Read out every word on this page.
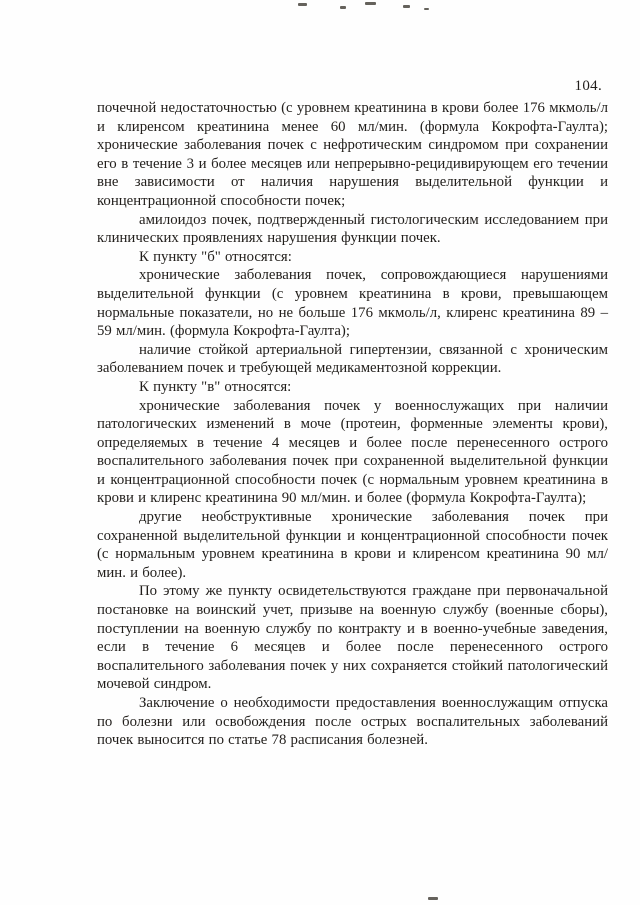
104.

почечной недостаточностью (с уровнем креатинина в крови более 176 мкмоль/л и клиренсом креатинина менее 60 мл/мин. (формула Кокрофта-Гаулта); хронические заболевания почек с нефротическим синдромом при сохранении его в течение 3 и более месяцев или непрерывно-рецидивирующем его течении вне зависимости от наличия нарушения выделительной функции и концентрационной способности почек;

амилоидоз почек, подтвержденный гистологическим исследованием при клинических проявлениях нарушения функции почек.

К пункту "б" относятся:

хронические заболевания почек, сопровождающиеся нарушениями выделительной функции (с уровнем креатинина в крови, превышающем нормальные показатели, но не больше 176 мкмоль/л, клиренс креатинина 89 – 59 мл/мин. (формула Кокрофта-Гаулта);

наличие стойкой артериальной гипертензии, связанной с хроническим заболеванием почек и требующей медикаментозной коррекции.

К пункту "в" относятся:

хронические заболевания почек у военнослужащих при наличии патологических изменений в моче (протеин, форменные элементы крови), определяемых в течение 4 месяцев и более после перенесенного острого воспалительного заболевания почек при сохраненной выделительной функции и концентрационной способности почек (с нормальным уровнем креатинина в крови и клиренс креатинина 90 мл/мин. и более (формула Кокрофта-Гаулта);

другие необструктивные хронические заболевания почек при сохраненной выделительной функции и концентрационной способности почек (с нормальным уровнем креатинина в крови и клиренсом креатинина 90 мл/мин. и более).

По этому же пункту освидетельствуются граждане при первоначальной постановке на воинский учет, призыве на военную службу (военные сборы), поступлении на военную службу по контракту и в военно-учебные заведения, если в течение 6 месяцев и более после перенесенного острого воспалительного заболевания почек у них сохраняется стойкий патологический мочевой синдром.

Заключение о необходимости предоставления военнослужащим отпуска по болезни или освобождения после острых воспалительных заболеваний почек выносится по статье 78 расписания болезней.
